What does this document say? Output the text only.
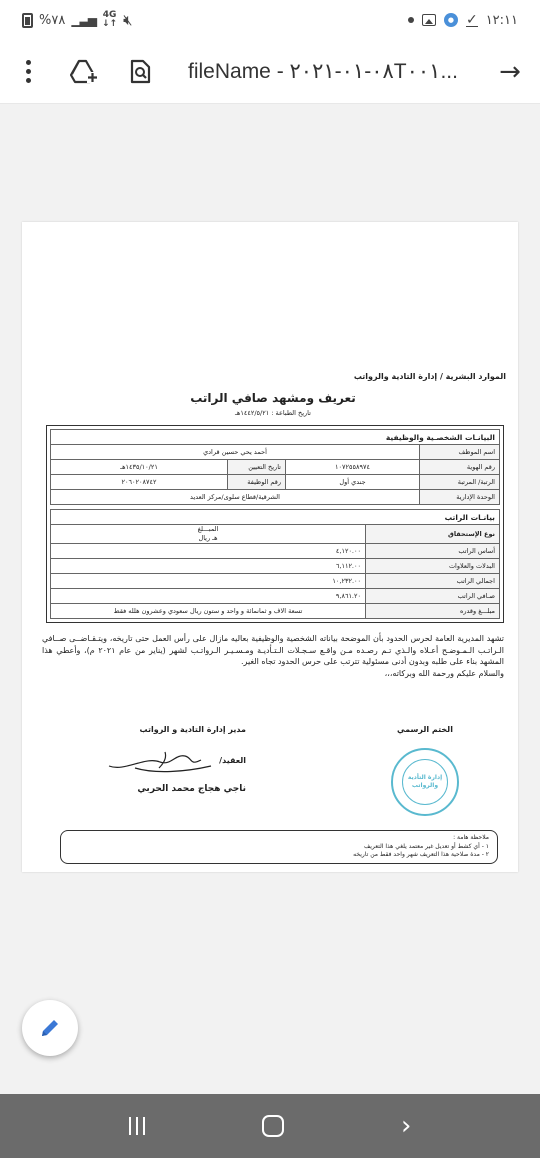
%٧٨ ▁▃▅ 4G
↓↑ 🔇︎	● ✓ ١٢:١١
fileName - ٠٨-٠١-٢٠٢١T٠٠١...	→
الموارد البشرية / إدارة التادية والرواتب
تعريف ومشهد صافي الراتب
تاريخ الطباعة : ١٤٤٢/٥/٢١هـ
البيانـات الشخصـية والوظيفية			
اسم الموظف	أحمد يحي حسين قرادي		
رقم الهوية	١٠٧٢٥٥٨٩٧٤	تاريخ التعيين	١٤٣٥/١٠/٢١هـ
الرتبة/ المرتبة	جندي أول	رقم الوظيفة	٢٠٦٠٢٠٨٧٤٢
الوحدة الإدارية	الشرقية/قطاع سلوى/مركز العديد		
بيانـات الراتب	
نوع الإستحقاق	المبـــلغ
هـ ريال
أساس الراتب	٤,١٢٠.٠٠
البدلات والعلاوات	٦,١١٢.٠٠
اجمالي الراتب	١٠,٢٣٢.٠٠
صـافي الراتب	٩,٨٦١.٢٠
مبلـــغ وقدره	تسعة الاف و ثمانمائة و واحد و ستون ريال سعودي وعشرون هلله فقط
تشهد المديرية العامة لحرس الحدود بأن الموضحة بياناته الشخصية والوظيفية بعاليه مازال على رأس العمل حتى تاريخه، ويتـقـاضــى صــافي الـراتـب الـمـوضـح أعـلاه والـذي تـم رصـده مـن واقـع سـجـلات الـتـأديـة ومـسـيـر الـرواتـب لشهر (يناير من عام ٢٠٢١ م)، وأعطي هذا المشهد بناء على طلبه وبدون أدنى مسئولية تترتب على حرس الحدود تجاه الغير.
والسلام عليكم ورحمة الله وبركاته،،،
الختم الرسمي
إدارة التأدية والرواتب
مدير إدارة التادية و الرواتب
العقيد/
ناجي هجاج محمد الحربي
ملاحظة هامة :
١ - أي كشط أو تعديل غير معتمد يلغي هذا التعريف
٢ - مدة صلاحية هذا التعريف شهر واحد فقط من تاريخه
›
